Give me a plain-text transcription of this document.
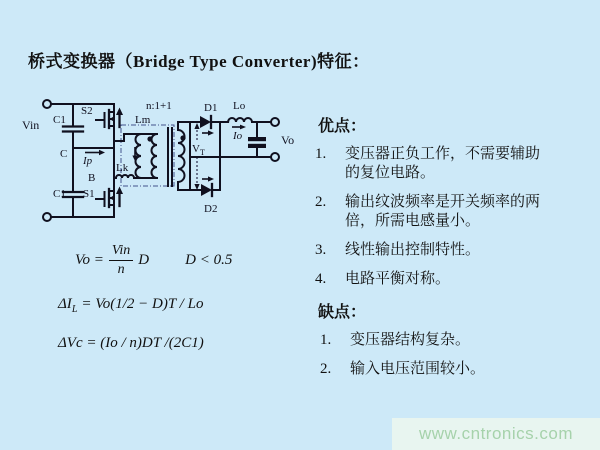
桥式变换器（Bridge Type Converter)特征：
Vin C1
C1
C
Ip
S2
S1
B
Lk
Lm
n:1+1	D1
D2
Lo
Io	Vo
$V_T$
$Vo = \frac{\text{Vin}}{n}$ D D < 0.5
$\Delta I_L = Vo(1/2 - D)T / Lo$
ΔVc = (Io / n)DT /(2C1)
优点：
1.	变压器正负工作，不需要辅助的复位电路。
2.	输出纹波频率是开关频率的两倍，所需电感量小。
3.	线性输出控制特性。
4.	电路平衡对称。
缺点：
1.	变压器结构复杂。
2.	输入电压范围较小。
www.cntronics.com
